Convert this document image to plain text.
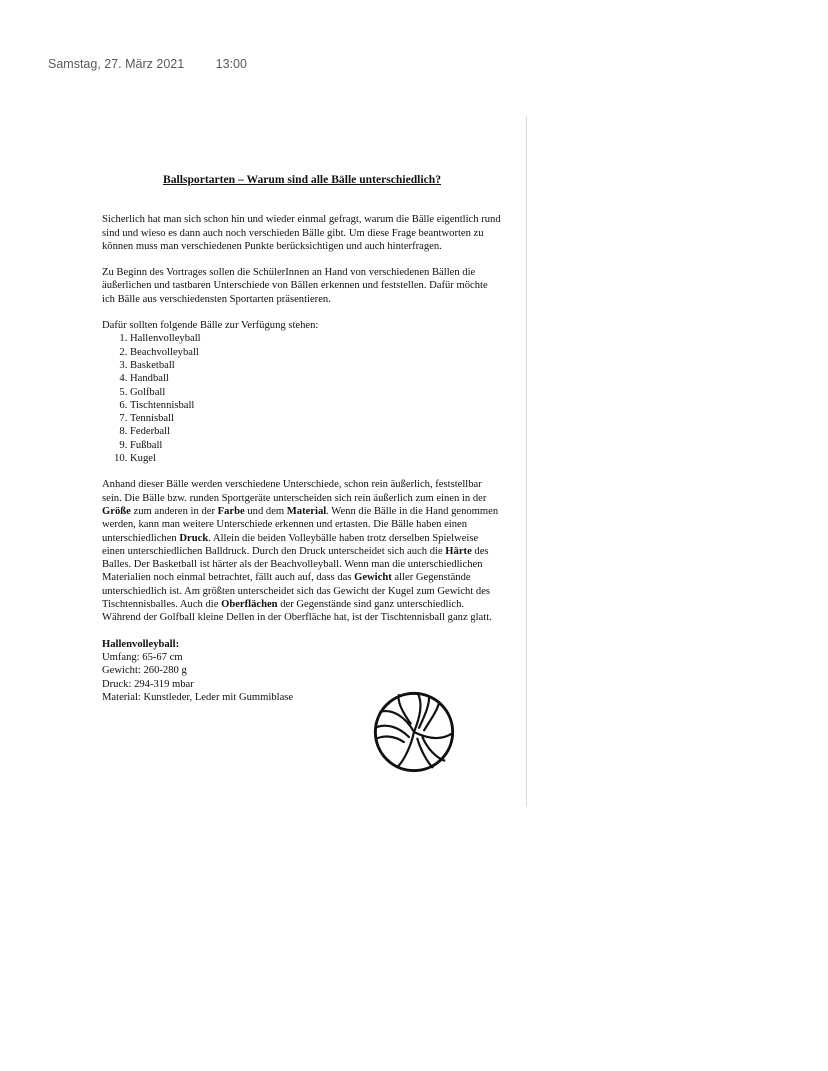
Samstag, 27. März 2021	13:00
Ballsportarten – Warum sind alle Bälle unterschiedlich?

Sicherlich hat man sich schon hin und wieder einmal gefragt, warum die Bälle eigentlich rund sind und wieso es dann auch noch verschieden Bälle gibt. Um diese Frage beantworten zu können muss man verschiedenen Punkte berücksichtigen und auch hinterfragen.

Zu Beginn des Vortrages sollen die SchülerInnen an Hand von verschiedenen Bällen die äußerlichen und tastbaren Unterschiede von Bällen erkennen und feststellen. Dafür möchte ich Bälle aus verschiedensten Sportarten präsentieren.

Dafür sollten folgende Bälle zur Verfügung stehen:
1. Hallenvolleyball
2. Beachvolleyball
3. Basketball
4. Handball
5. Golfball
6. Tischtennisball
7. Tennisball
8. Federball
9. Fußball
10. Kugel

Anhand dieser Bälle werden verschiedene Unterschiede, schon rein äußerlich, feststellbar sein. Die Bälle bzw. runden Sportgeräte unterscheiden sich rein äußerlich zum einen in der Größe zum anderen in der Farbe und dem Material. Wenn die Bälle in die Hand genommen werden, kann man weitere Unterschiede erkennen und ertasten. Die Bälle haben einen unterschiedlichen Druck. Allein die beiden Volleybälle haben trotz derselben Spielweise einen unterschiedlichen Balldruck. Durch den Druck unterscheidet sich auch die Härte des Balles. Der Basketball ist härter als der Beachvolleyball. Wenn man die unterschiedlichen Materialien noch einmal betrachtet, fällt auch auf, dass das Gewicht aller Gegenstände unterschiedlich ist. Am größten unterscheidet sich das Gewicht der Kugel zum Gewicht des Tischtennisballes. Auch die Oberflächen der Gegenstände sind ganz unterschiedlich. Während der Golfball kleine Dellen in der Oberfläche hat, ist der Tischtennisball ganz glatt.

Hallenvolleyball:
Umfang: 65-67 cm
Gewicht: 260-280 g
Druck: 294-319 mbar
Material: Kunstleder, Leder mit Gummiblase
